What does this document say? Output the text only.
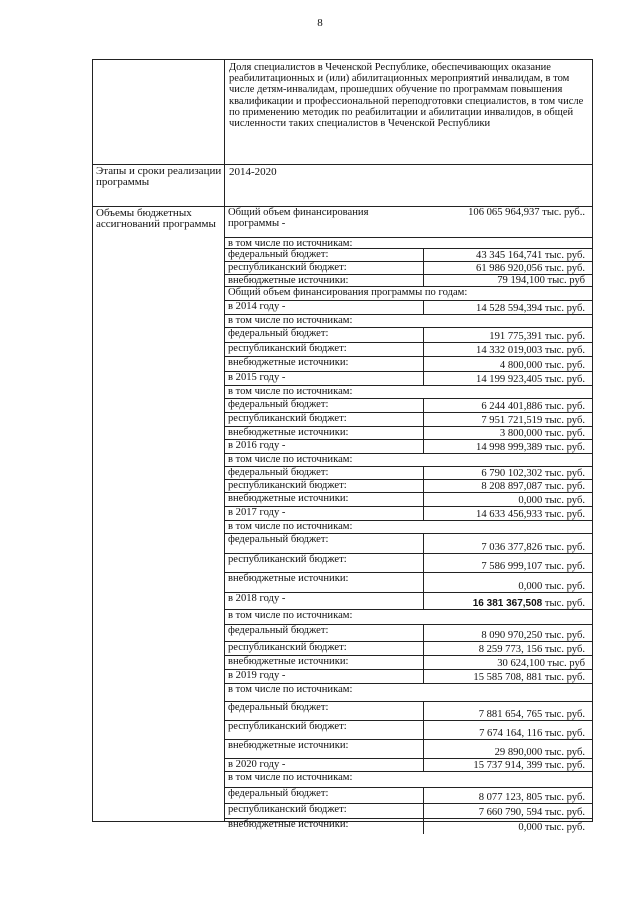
8
Доля специалистов в Чеченской Республике, обеспечивающих оказание реабилитационных и (или) абилитационных мероприятий инвалидам, в том числе детям-инвалидам, прошедших обучение по программам повышения квалификации и профессиональной переподготовки специалистов, в том числе по применению методик по реабилитации и абилитации инвалидов, в общей численности таких специалистов в Чеченской Республики
Этапы и сроки реализации программы
2014-2020
Объемы бюджетных ассигнований программы
Общий объем финансирования программы -
106 065 964,937 тыс. руб..
в том числе по источникам:
федеральный бюджет:	43 345 164,741 тыс. руб.
республиканский бюджет:	61 986 920,056 тыс. руб.
внебюджетные источники:	79 194,100 тыс. руб
Общий объем финансирования программы по годам:
в 2014 году -	14 528 594,394 тыс. руб.
в том числе по источникам:
федеральный бюджет:	191 775,391 тыс. руб.
республиканский бюджет:	14 332 019,003 тыс. руб.
внебюджетные источники:	4 800,000 тыс. руб.
в 2015 году -	14 199 923,405 тыс. руб.
в том числе по источникам:
федеральный бюджет:	6 244 401,886 тыс. руб.
республиканский бюджет:	7 951 721,519 тыс. руб.
внебюджетные источники:	3 800,000 тыс. руб.
в 2016 году -	14 998 999,389 тыс. руб.
в том числе по источникам:
федеральный бюджет:	6 790 102,302 тыс. руб.
республиканский бюджет:	8 208 897,087 тыс. руб.
внебюджетные источники:	0,000 тыс. руб.
в 2017 году -	14 633 456,933 тыс. руб.
в том числе по источникам:
федеральный бюджет:
7 036 377,826 тыс. руб.
республиканский бюджет:
7 586 999,107 тыс. руб.
внебюджетные источники:
0,000 тыс. руб.
в 2018 году -	16 381 367,508 тыс. руб.
в том числе по источникам:
федеральный бюджет:	8 090 970,250 тыс. руб.
республиканский бюджет:	8 259 773, 156 тыс. руб.
внебюджетные источники:	30 624,100 тыс. руб
в 2019 году -	15 585 708, 881 тыс. руб.
в том числе по источникам:
федеральный бюджет:
7 881 654, 765 тыс. руб.
республиканский бюджет:
7 674 164, 116 тыс. руб.
внебюджетные источники:
29 890,000 тыс. руб.
в 2020 году -	15 737 914, 399 тыс. руб.
в том числе по источникам:
федеральный бюджет:	8 077 123, 805 тыс. руб.
республиканский бюджет:	7 660 790, 594 тыс. руб.
внебюджетные источники:	0,000 тыс. руб.
